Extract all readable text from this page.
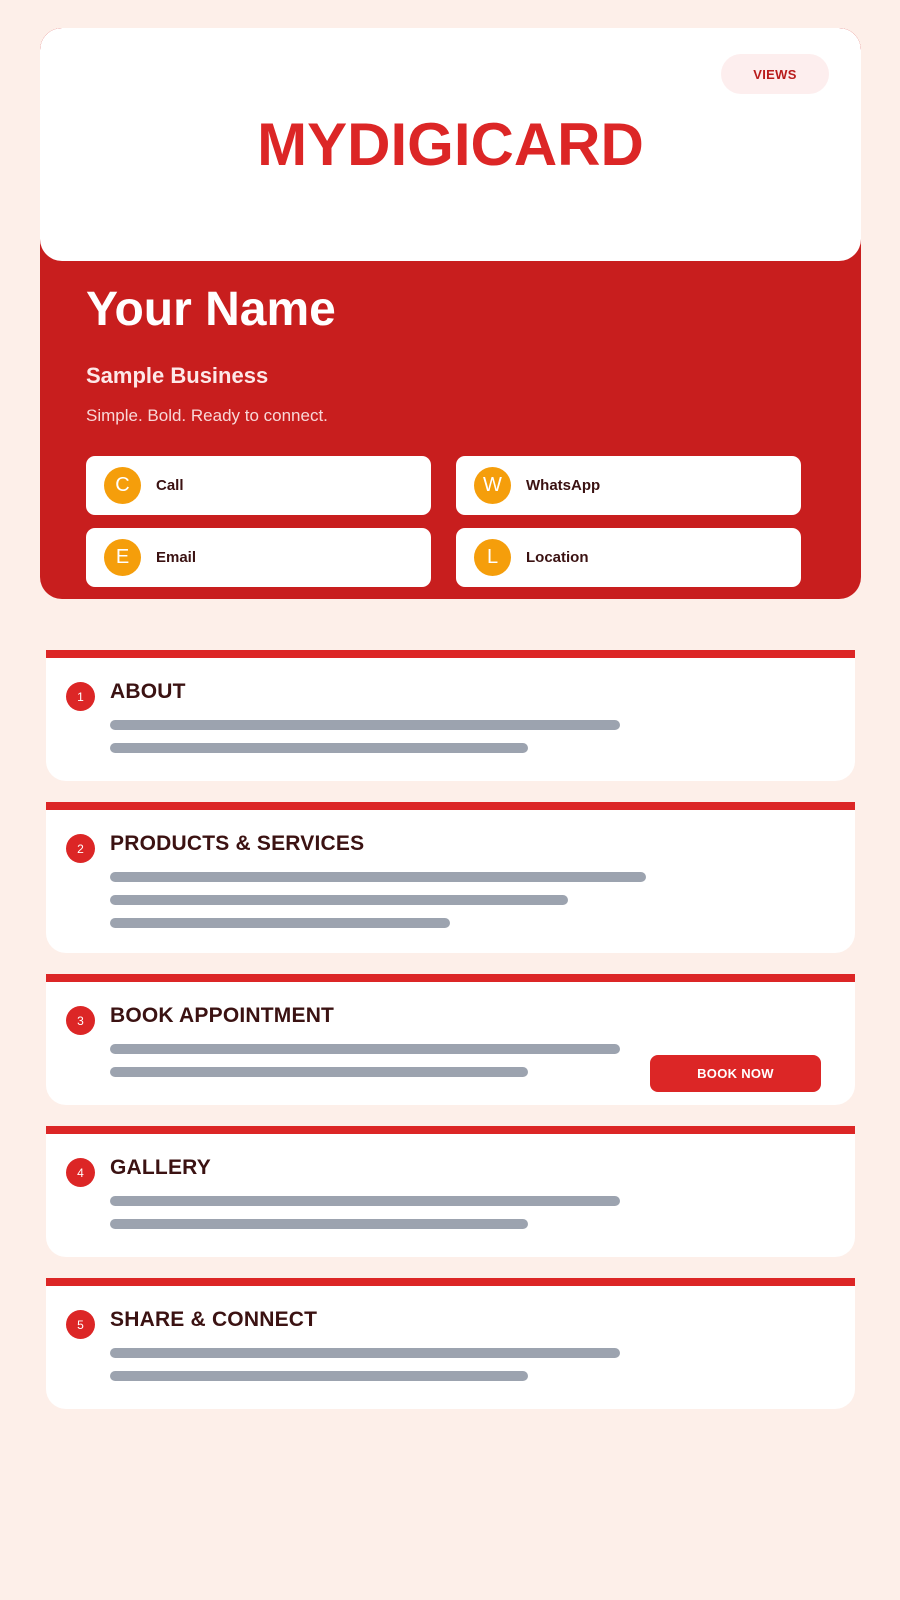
VIEWS
MYDIGICARD
Your Name
Sample Business
Simple. Bold. Ready to connect.
C	Call	W	WhatsApp
E	Email	L	Location
1	ABOUT
2	PRODUCTS & SERVICES
3	BOOK APPOINTMENT
BOOK NOW
4	GALLERY
5	SHARE & CONNECT
